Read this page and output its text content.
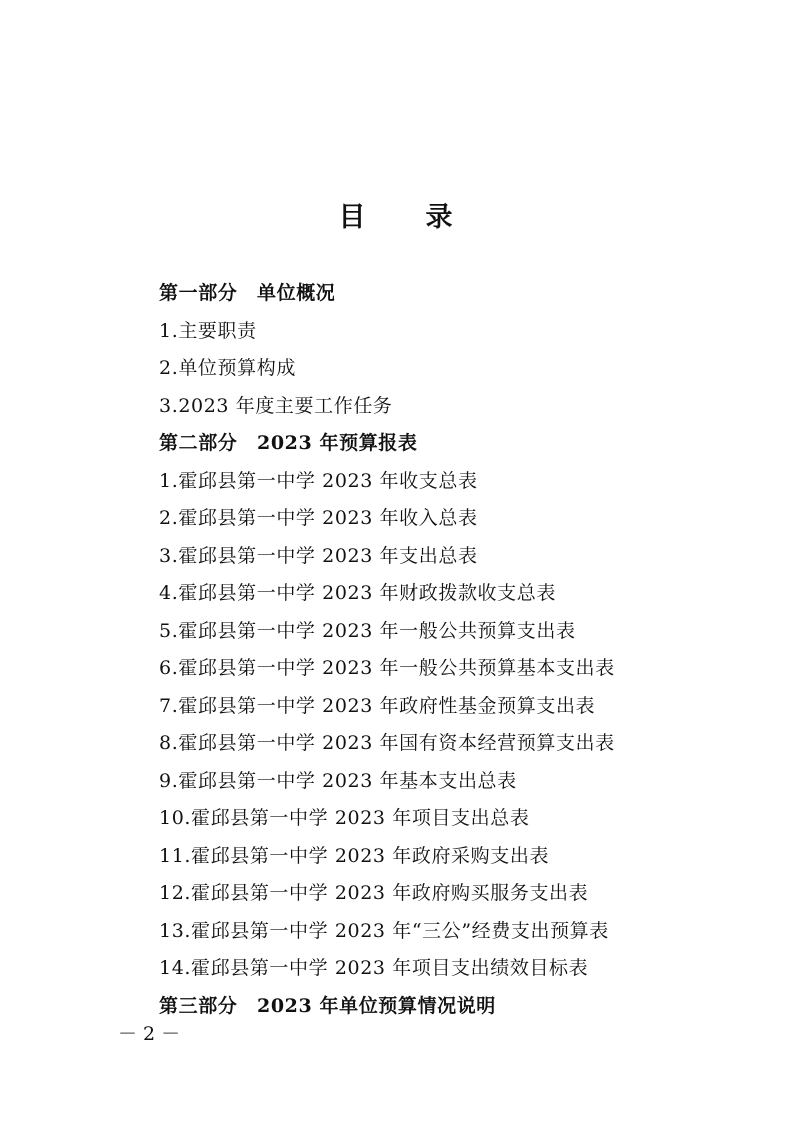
目　　录
第一部分　单位概况
1.主要职责
2.单位预算构成
3.2023 年度主要工作任务
第二部分　2023 年预算报表
1.霍邱县第一中学 2023 年收支总表
2.霍邱县第一中学 2023 年收入总表
3.霍邱县第一中学 2023 年支出总表
4.霍邱县第一中学 2023 年财政拨款收支总表
5.霍邱县第一中学 2023 年一般公共预算支出表
6.霍邱县第一中学 2023 年一般公共预算基本支出表
7.霍邱县第一中学 2023 年政府性基金预算支出表
8.霍邱县第一中学 2023 年国有资本经营预算支出表
9.霍邱县第一中学 2023 年基本支出总表
10.霍邱县第一中学 2023 年项目支出总表
11.霍邱县第一中学 2023 年政府采购支出表
12.霍邱县第一中学 2023 年政府购买服务支出表
13.霍邱县第一中学 2023 年“三公”经费支出预算表
14.霍邱县第一中学 2023 年项目支出绩效目标表
第三部分　2023 年单位预算情况说明
－ 2 －
